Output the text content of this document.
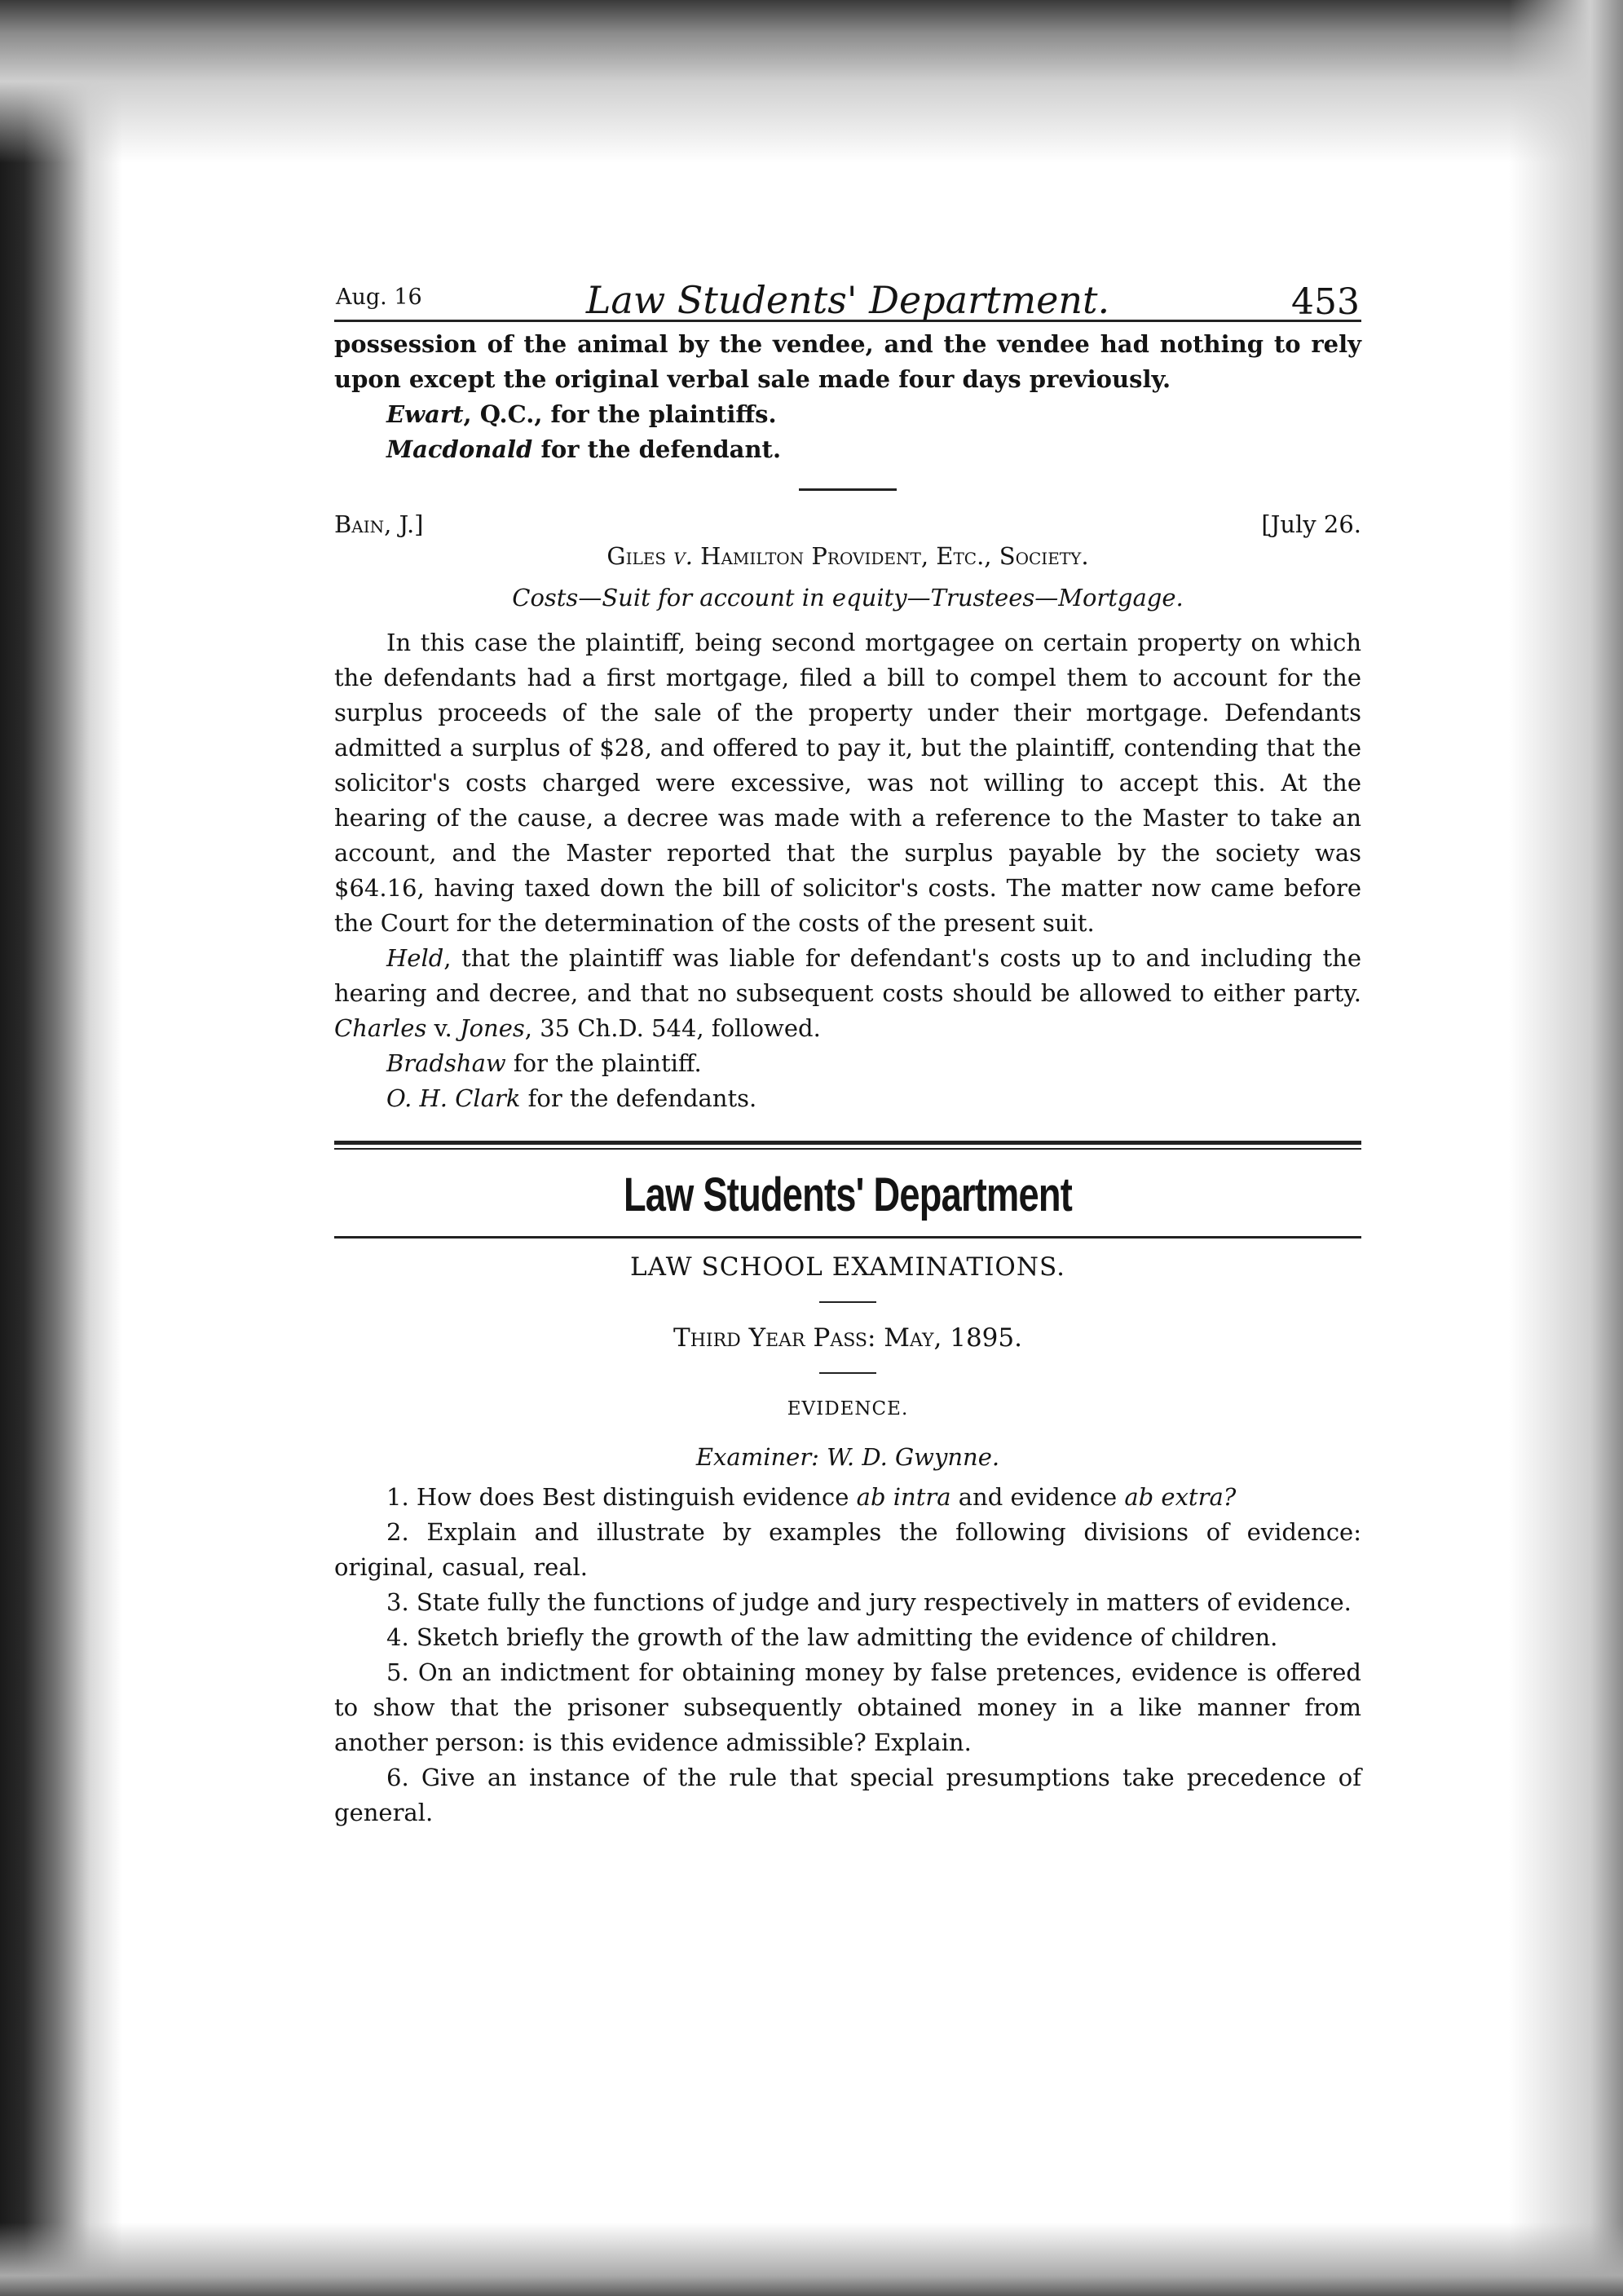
Aug. 16	Law Students' Department.	453

possession of the animal by the vendee, and the vendee had nothing to rely upon except the original verbal sale made four days previously.

Ewart, Q.C., for the plaintiffs.

Macdonald for the defendant.

Bain, J.]	[July 26.
Giles v. Hamilton Provident, Etc., Society.
Costs—Suit for account in equity—Trustees—Mortgage.

In this case the plaintiff, being second mortgagee on certain property on which the defendants had a first mortgage, filed a bill to compel them to account for the surplus proceeds of the sale of the property under their mortgage. Defendants admitted a surplus of $28, and offered to pay it, but the plaintiff, contending that the solicitor's costs charged were excessive, was not willing to accept this. At the hearing of the cause, a decree was made with a reference to the Master to take an account, and the Master reported that the surplus payable by the society was $64.16, having taxed down the bill of solicitor's costs. The matter now came before the Court for the determination of the costs of the present suit.

Held, that the plaintiff was liable for defendant's costs up to and including the hearing and decree, and that no subsequent costs should be allowed to either party. Charles v. Jones, 35 Ch.D. 544, followed.

Bradshaw for the plaintiff.

O. H. Clark for the defendants.

Law Students' Department
LAW SCHOOL EXAMINATIONS.
Third Year Pass: May, 1895.
EVIDENCE.
Examiner: W. D. Gwynne.

1. How does Best distinguish evidence ab intra and evidence ab extra?

2. Explain and illustrate by examples the following divisions of evidence: original, casual, real.

3. State fully the functions of judge and jury respectively in matters of evidence.

4. Sketch briefly the growth of the law admitting the evidence of children.

5. On an indictment for obtaining money by false pretences, evidence is offered to show that the prisoner subsequently obtained money in a like manner from another person: is this evidence admissible? Explain.

6. Give an instance of the rule that special presumptions take precedence of general.
